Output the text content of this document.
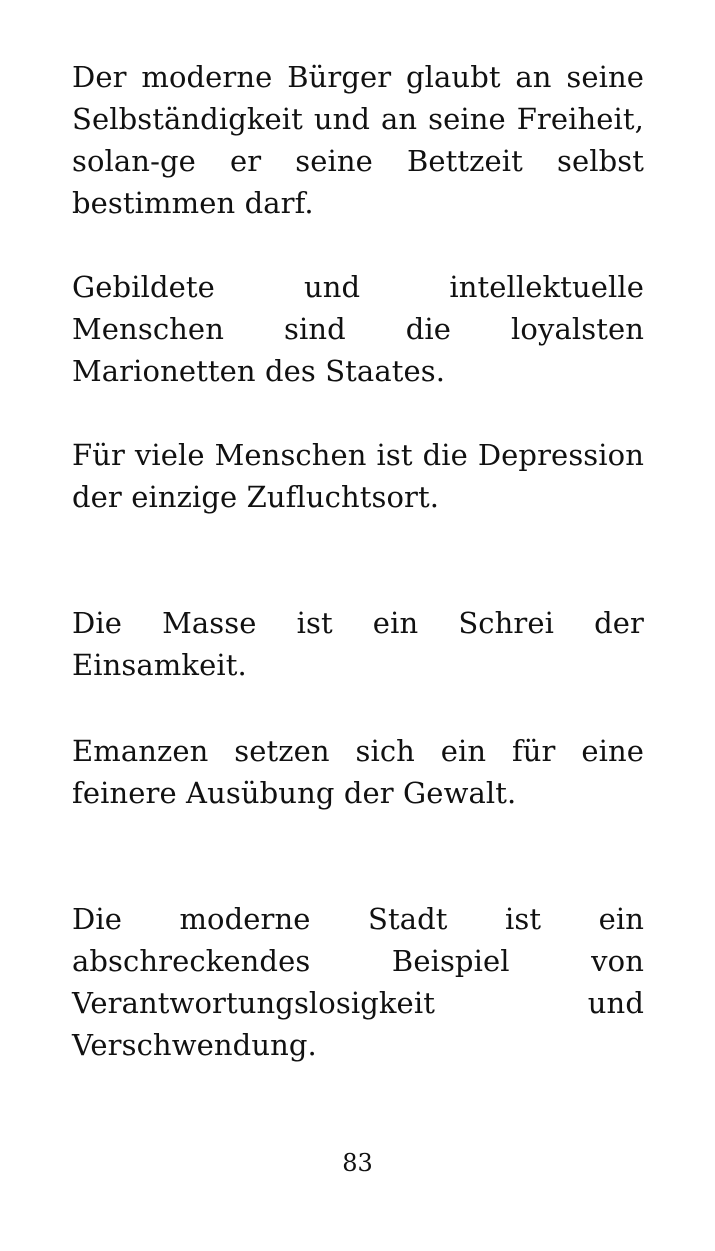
Der moderne Bürger glaubt an seine Selbständigkeit und an seine Freiheit, solan-ge er seine Bettzeit selbst bestimmen darf.

Gebildete und intellektuelle Menschen sind die loyalsten Marionetten des Staates.

Für viele Menschen ist die Depression der einzige Zufluchtsort.

Die Masse ist ein Schrei der Einsamkeit.

Emanzen setzen sich ein für eine feinere Ausübung der Gewalt.

Die moderne Stadt ist ein abschreckendes Beispiel von Verantwortungslosigkeit und Verschwendung.

83
